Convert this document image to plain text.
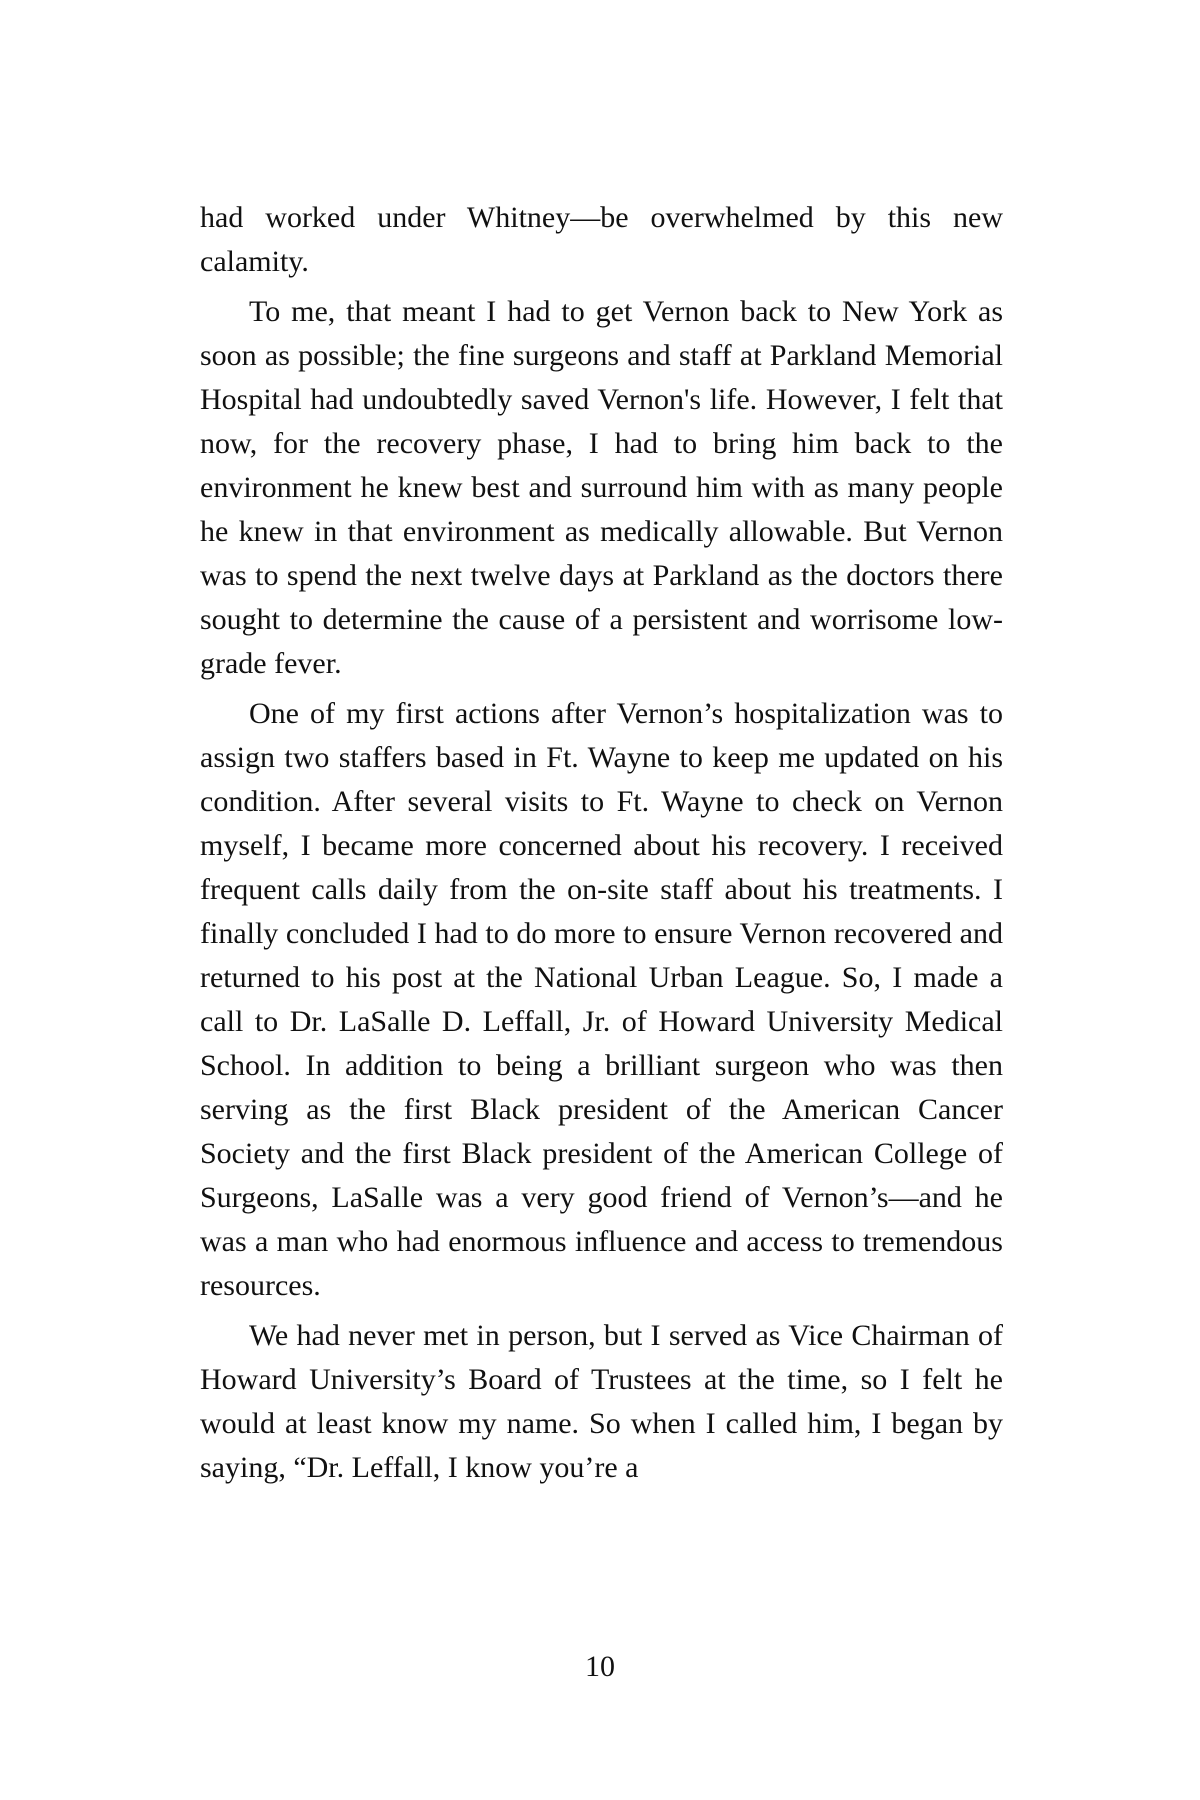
had worked under Whitney—be overwhelmed by this new calamity.

To me, that meant I had to get Vernon back to New York as soon as possible; the fine surgeons and staff at Parkland Memorial Hospital had undoubtedly saved Vernon's life. However, I felt that now, for the recovery phase, I had to bring him back to the environment he knew best and surround him with as many people he knew in that environment as medically allowable. But Vernon was to spend the next twelve days at Parkland as the doctors there sought to determine the cause of a persistent and worrisome low-grade fever.

One of my first actions after Vernon’s hospitalization was to assign two staffers based in Ft. Wayne to keep me updated on his condition. After several visits to Ft. Wayne to check on Vernon myself, I became more concerned about his recovery. I received frequent calls daily from the on-site staff about his treatments. I finally concluded I had to do more to ensure Vernon recovered and returned to his post at the National Urban League. So, I made a call to Dr. LaSalle D. Leffall, Jr. of Howard University Medical School. In addition to being a brilliant surgeon who was then serving as the first Black president of the American Cancer Society and the first Black president of the American College of Surgeons, LaSalle was a very good friend of Vernon’s—and he was a man who had enormous influence and access to tremendous resources.

We had never met in person, but I served as Vice Chairman of Howard University’s Board of Trustees at the time, so I felt he would at least know my name. So when I called him, I began by saying, “Dr. Leffall, I know you’re a

10
